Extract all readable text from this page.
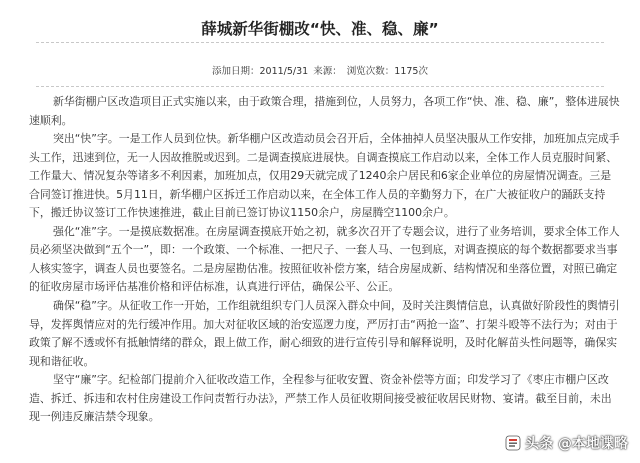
薛城新华街棚改“快、准、稳、廉”
添加日期：2011/5/31 来源： 浏览次数：1175次

新华街棚户区改造项目正式实施以来，由于政策合理，措施到位，人员努力，各项工作“快、准、稳、廉”，整体进展快速顺利。

突出“快”字。一是工作人员到位快。新华棚户区改造动员会召开后，全体抽掉人员坚决服从工作安排，加班加点完成手头工作，迅速到位，无一人因故推脱或迟到。二是调查摸底进展快。自调查摸底工作启动以来，全体工作人员克服时间紧、工作量大、情况复杂等诸多不利因素，加班加点，仅用29天就完成了1240余户居民和6家企业单位的房屋情况调查。三是合同签订推进快。5月11日，新华棚户区拆迁工作启动以来，在全体工作人员的辛勤努力下，在广大被征收户的踊跃支持下，搬迁协议签订工作快速推进，截止目前已签订协议1150余户，房屋腾空1100余户。

强化“准”字。一是摸底数据准。在房屋调查摸底开始之初，就多次召开了专题会议，进行了业务培训，要求全体工作人员必须坚决做到“五个一”，即：一个政策、一个标准、一把尺子、一套人马、一包到底，对调查摸底的每个数据都要求当事人核实签字，调查人员也要签名。二是房屋勘估准。按照征收补偿方案，结合房屋成新、结构情况和坐落位置，对照已确定的征收房屋市场评估基准价格和评估标准，认真进行评估，确保公平、公正。

确保“稳”字。从征收工作一开始，工作组就组织专门人员深入群众中间，及时关注舆情信息，认真做好阶段性的舆情引导，发挥舆情应对的先行缓冲作用。加大对征收区域的治安巡逻力度，严厉打击“两抢一盗”、打架斗殴等不法行为；对由于政策了解不透或怀有抵触情绪的群众，跟上做工作，耐心细致的进行宣传引导和解释说明，及时化解苗头性问题等，确保实现和谐征收。

坚守“廉”字。纪检部门提前介入征收改造工作，全程参与征收安置、资金补偿等方面；印发学习了《枣庄市棚户区改造、拆迁、拆违和农村住房建设工作问责暂行办法》，严禁工作人员征收期间接受被征收居民财物、宴请。截至目前，未出现一例违反廉洁禁令现象。

头条 @本地谍略
